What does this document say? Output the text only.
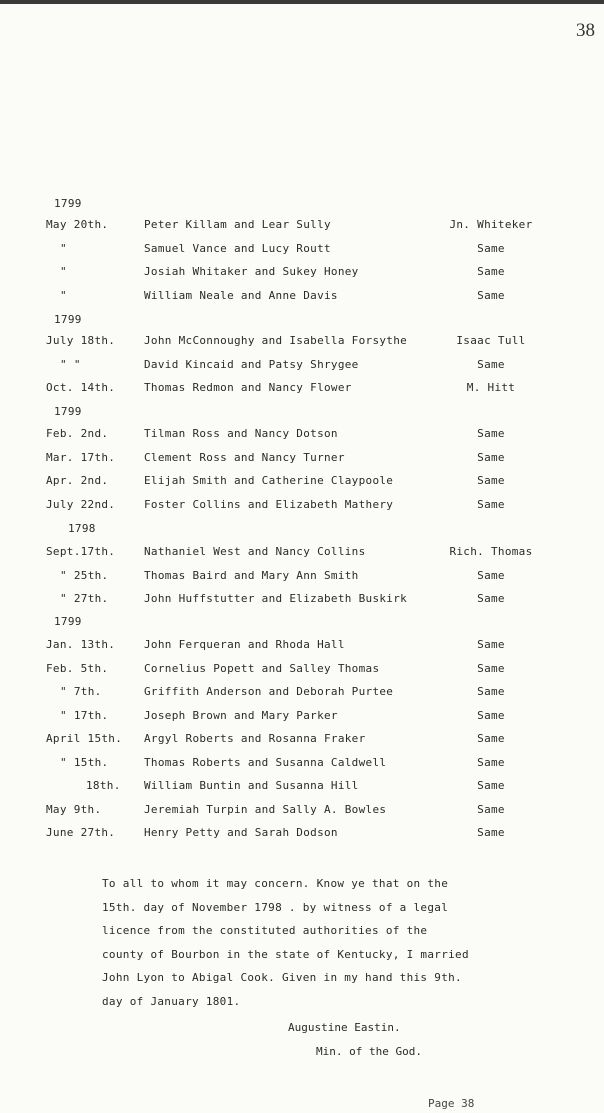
38
1799
May 20th.	Peter Killam and Lear Sully	Jn. Whiteker
"	Samuel Vance and Lucy Routt	Same
"	Josiah Whitaker and Sukey Honey	Same
"	William Neale and Anne Davis	Same
1799
July 18th.	John McConnoughy and Isabella Forsythe	Isaac Tull
" "	David Kincaid and Patsy Shrygee	Same
Oct. 14th.	Thomas Redmon and Nancy Flower	M. Hitt
1799
Feb. 2nd.	Tilman Ross and Nancy Dotson	Same
Mar. 17th.	Clement Ross and Nancy Turner	Same
Apr. 2nd.	Elijah Smith and Catherine Claypoole	Same
July 22nd.	Foster Collins and Elizabeth Mathery	Same
1798
Sept.17th.	Nathaniel West and Nancy Collins	Rich. Thomas
" 25th.	Thomas Baird and Mary Ann Smith	Same
" 27th.	John Huffstutter and Elizabeth Buskirk	Same
1799
Jan. 13th.	John Ferqueran and Rhoda Hall	Same
Feb. 5th.	Cornelius Popett and Salley Thomas	Same
" 7th.	Griffith Anderson and Deborah Purtee	Same
" 17th.	Joseph Brown and Mary Parker	Same
April 15th. Argyl Roberts and Rosanna Fraker	Same
" 15th.	Thomas Roberts and Susanna Caldwell	Same
18th. William Buntin and Susanna Hill	Same
May 9th.	Jeremiah Turpin and Sally A. Bowles	Same
June 27th.	Henry Petty and Sarah Dodson	Same
To all to whom it may concern. Know ye that on the
15th. day of November 1798 . by witness of a legal
licence from the constituted authorities of the
county of Bourbon in the state of Kentucky, I married
John Lyon to Abigal Cook. Given in my hand this 9th.
day of January 1801.
Augustine Eastin.
Min. of the God.
Page 38
